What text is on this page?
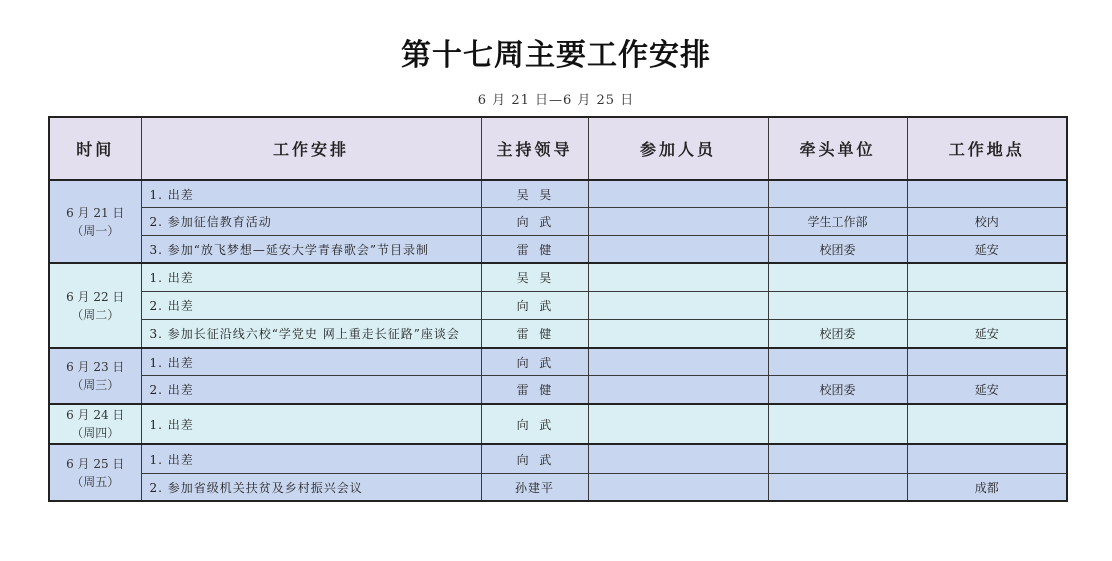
第十七周主要工作安排
6 月 21 日—6 月 25 日
时间	工作安排	主持领导	参加人员	牵头单位	工作地点

6 月 21 日
（周一）	1. 出差	吴  昊			
	2. 参加征信教育活动	向  武		学生工作部	校内
	3. 参加“放飞梦想—延安大学青春歌会”节目录制	雷  健		校团委	延安

6 月 22 日
（周二）	1. 出差	吴  昊			
	2. 出差	向  武			
	3. 参加长征沿线六校“学党史 网上重走长征路”座谈会	雷  健		校团委	延安

6 月 23 日
（周三）	1. 出差	向  武			
	2. 出差	雷  健		校团委	延安

6 月 24 日
（周四）	1. 出差	向  武			

6 月 25 日
（周五）	1. 出差	向  武			
	2. 参加省级机关扶贫及乡村振兴会议	孙建平			成都
